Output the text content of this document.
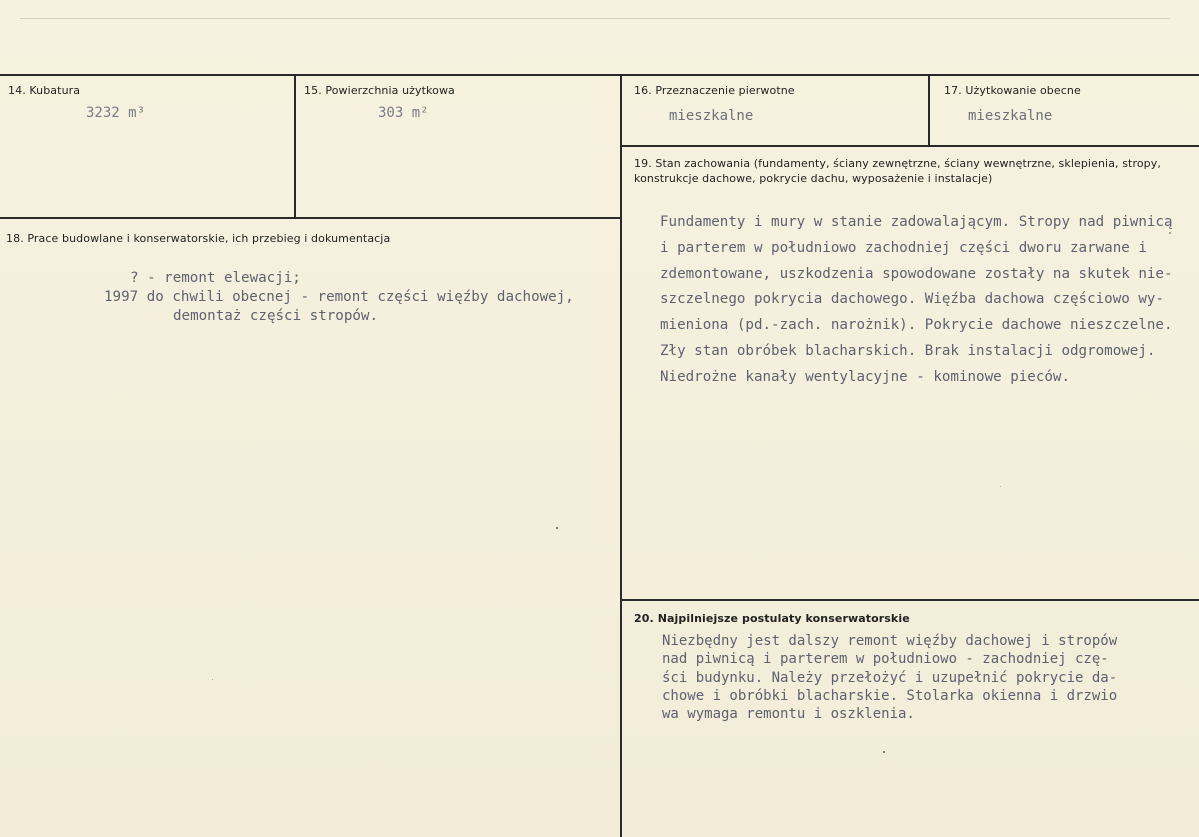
14. Kubatura
3232 m³
15. Powierzchnia użytkowa
303 m²
16. Przeznaczenie pierwotne
mieszkalne
17. Użytkowanie obecne
mieszkalne
19. Stan zachowania (fundamenty, ściany zewnętrzne, ściany wewnętrzne, sklepienia, stropy, konstrukcje dachowe, pokrycie dachu, wyposażenie i instalacje)
Fundamenty i mury w stanie zadowalającym. Stropy nad piwnicą
i parterem w południowo zachodniej części dworu zarwane i
zdemontowane, uszkodzenia spowodowane zostały na skutek nie-
szczelnego pokrycia dachowego. Więźba dachowa częściowo wy-
mieniona (pd.-zach. narożnik). Pokrycie dachowe nieszczelne.
Zły stan obróbek blacharskich. Brak instalacji odgromowej.
Niedrożne kanały wentylacyjne - kominowe pieców.
18. Prace budowlane i konserwatorskie, ich przebieg i dokumentacja
? - remont elewacji;
1997 do chwili obecnej - remont części więźby dachowej,
demontaż części stropów.
20. Najpilniejsze postulaty konserwatorskie
Niezbędny jest dalszy remont więźby dachowej i stropów
nad piwnicą i parterem w południowo - zachodniej czę-
ści budynku. Należy przełożyć i uzupełnić pokrycie da-
chowe i obróbki blacharskie. Stolarka okienna i drzwio
wa wymaga remontu i oszklenia.
